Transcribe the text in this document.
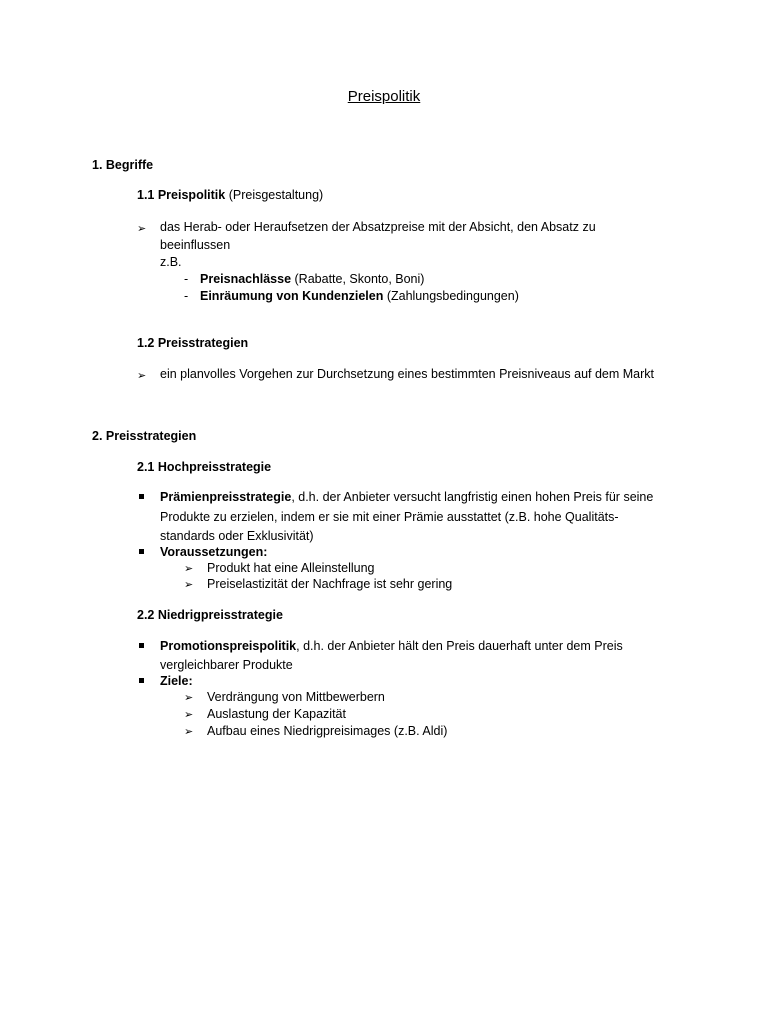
Preispolitik
1. Begriffe
1.1 Preispolitik (Preisgestaltung)
➢ das Herab- oder Heraufsetzen der Absatzpreise mit der Absicht, den Absatz zu
beeinflussen
z.B.
- Preisnachlässe (Rabatte, Skonto, Boni)
- Einräumung von Kundenzielen (Zahlungsbedingungen)
1.2 Preisstrategien
➢ ein planvolles Vorgehen zur Durchsetzung eines bestimmten Preisniveaus auf dem Markt
2. Preisstrategien
2.1 Hochpreisstrategie
Prämienpreisstrategie, d.h. der Anbieter versucht langfristig einen hohen Preis für seine
Produkte zu erzielen, indem er sie mit einer Prämie ausstattet (z.B. hohe Qualitäts-
standards oder Exklusivität)
Voraussetzungen:
➢ Produkt hat eine Alleinstellung
➢ Preiselastizität der Nachfrage ist sehr gering
2.2 Niedrigpreisstrategie
Promotionspreispolitik, d.h. der Anbieter hält den Preis dauerhaft unter dem Preis
vergleichbarer Produkte
Ziele:
➢ Verdrängung von Mittbewerbern
➢ Auslastung der Kapazität
➢ Aufbau eines Niedrigpreisimages (z.B. Aldi)
